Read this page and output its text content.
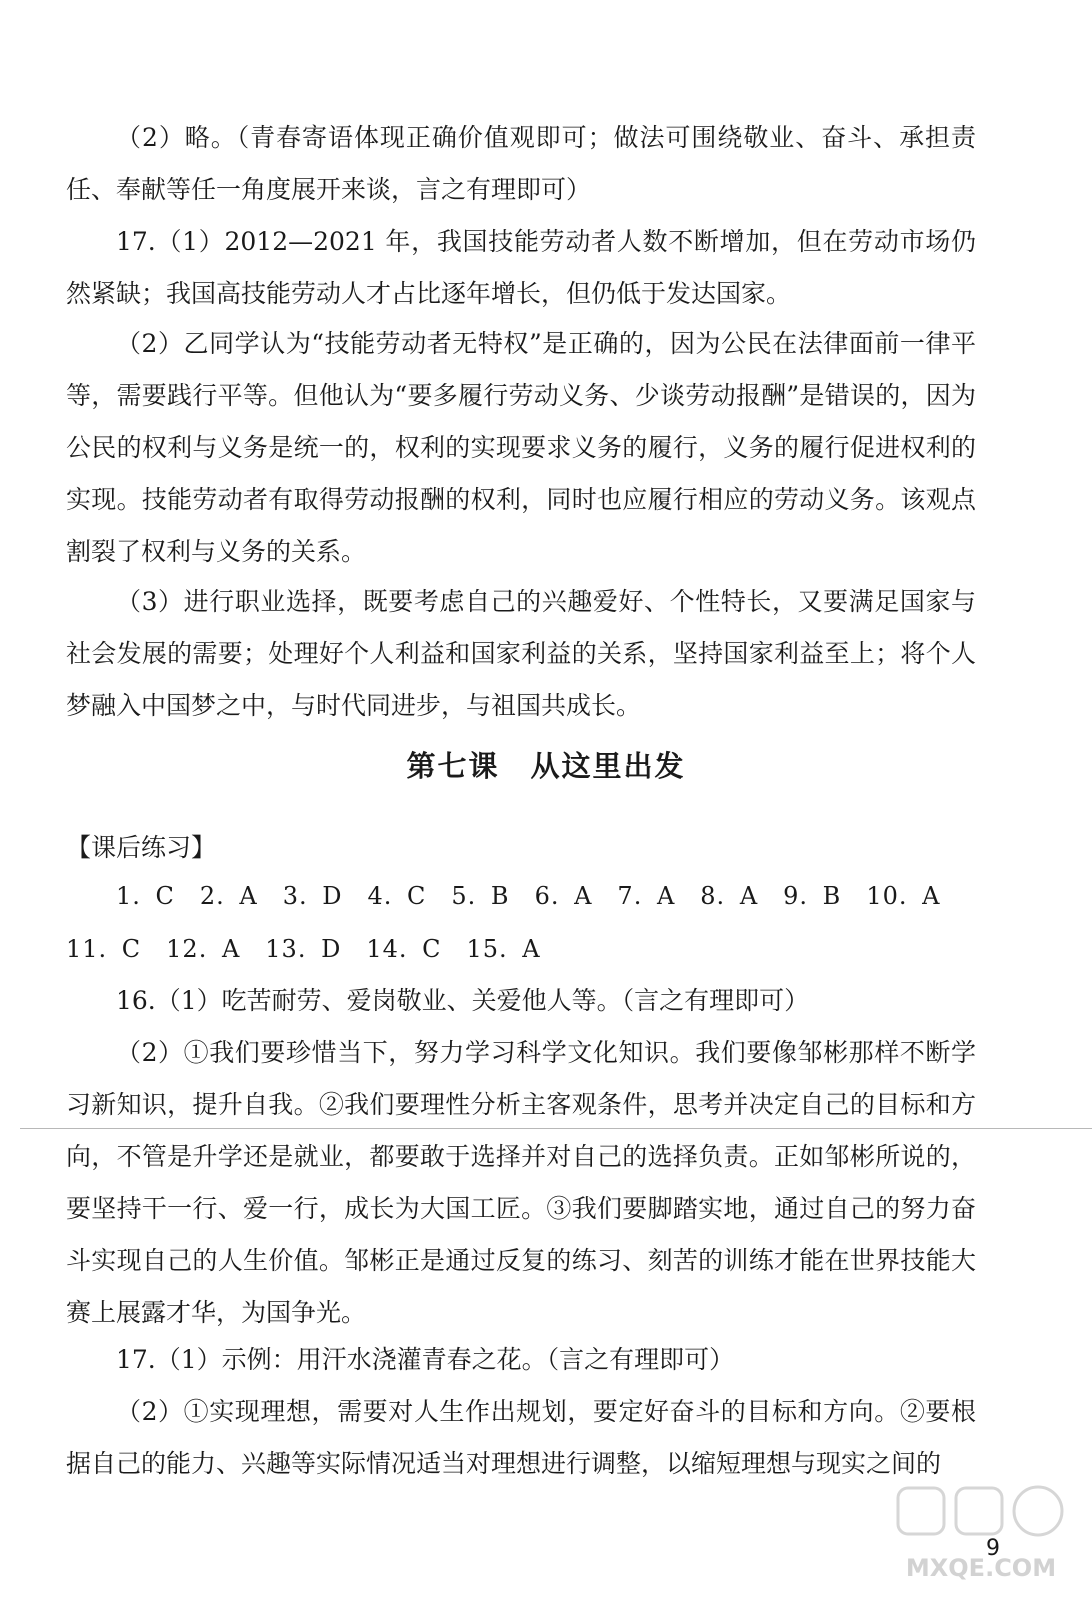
（2）略。（青春寄语体现正确价值观即可；做法可围绕敬业、奋斗、承担责任、奉献等任一角度展开来谈，言之有理即可）

17.（1）2012—2021 年，我国技能劳动者人数不断增加，但在劳动市场仍然紧缺；我国高技能劳动人才占比逐年增长，但仍低于发达国家。

（2）乙同学认为“技能劳动者无特权”是正确的，因为公民在法律面前一律平等，需要践行平等。但他认为“要多履行劳动义务、少谈劳动报酬”是错误的，因为公民的权利与义务是统一的，权利的实现要求义务的履行，义务的履行促进权利的实现。技能劳动者有取得劳动报酬的权利，同时也应履行相应的劳动义务。该观点割裂了权利与义务的关系。

（3）进行职业选择，既要考虑自己的兴趣爱好、个性特长，又要满足国家与社会发展的需要；处理好个人利益和国家利益的关系，坚持国家利益至上；将个人梦融入中国梦之中，与时代同进步，与祖国共成长。

第七课　从这里出发

【课后练习】

1. C　2. A　3. D　4. C　5. B　6. A　7. A　8. A　9. B　10. A　11. C　12. A　13. D　14. C　15. A

16.（1）吃苦耐劳、爱岗敬业、关爱他人等。（言之有理即可）

（2）①我们要珍惜当下，努力学习科学文化知识。我们要像邹彬那样不断学习新知识，提升自我。②我们要理性分析主客观条件，思考并决定自己的目标和方向，不管是升学还是就业，都要敢于选择并对自己的选择负责。正如邹彬所说的，要坚持干一行、爱一行，成长为大国工匠。③我们要脚踏实地，通过自己的努力奋斗实现自己的人生价值。邹彬正是通过反复的练习、刻苦的训练才能在世界技能大赛上展露才华，为国争光。

17.（1）示例：用汗水浇灌青春之花。（言之有理即可）

（2）①实现理想，需要对人生作出规划，要定好奋斗的目标和方向。②要根据自己的能力、兴趣等实际情况适当对理想进行调整，以缩短理想与现实之间的

9
MXQE.COM
